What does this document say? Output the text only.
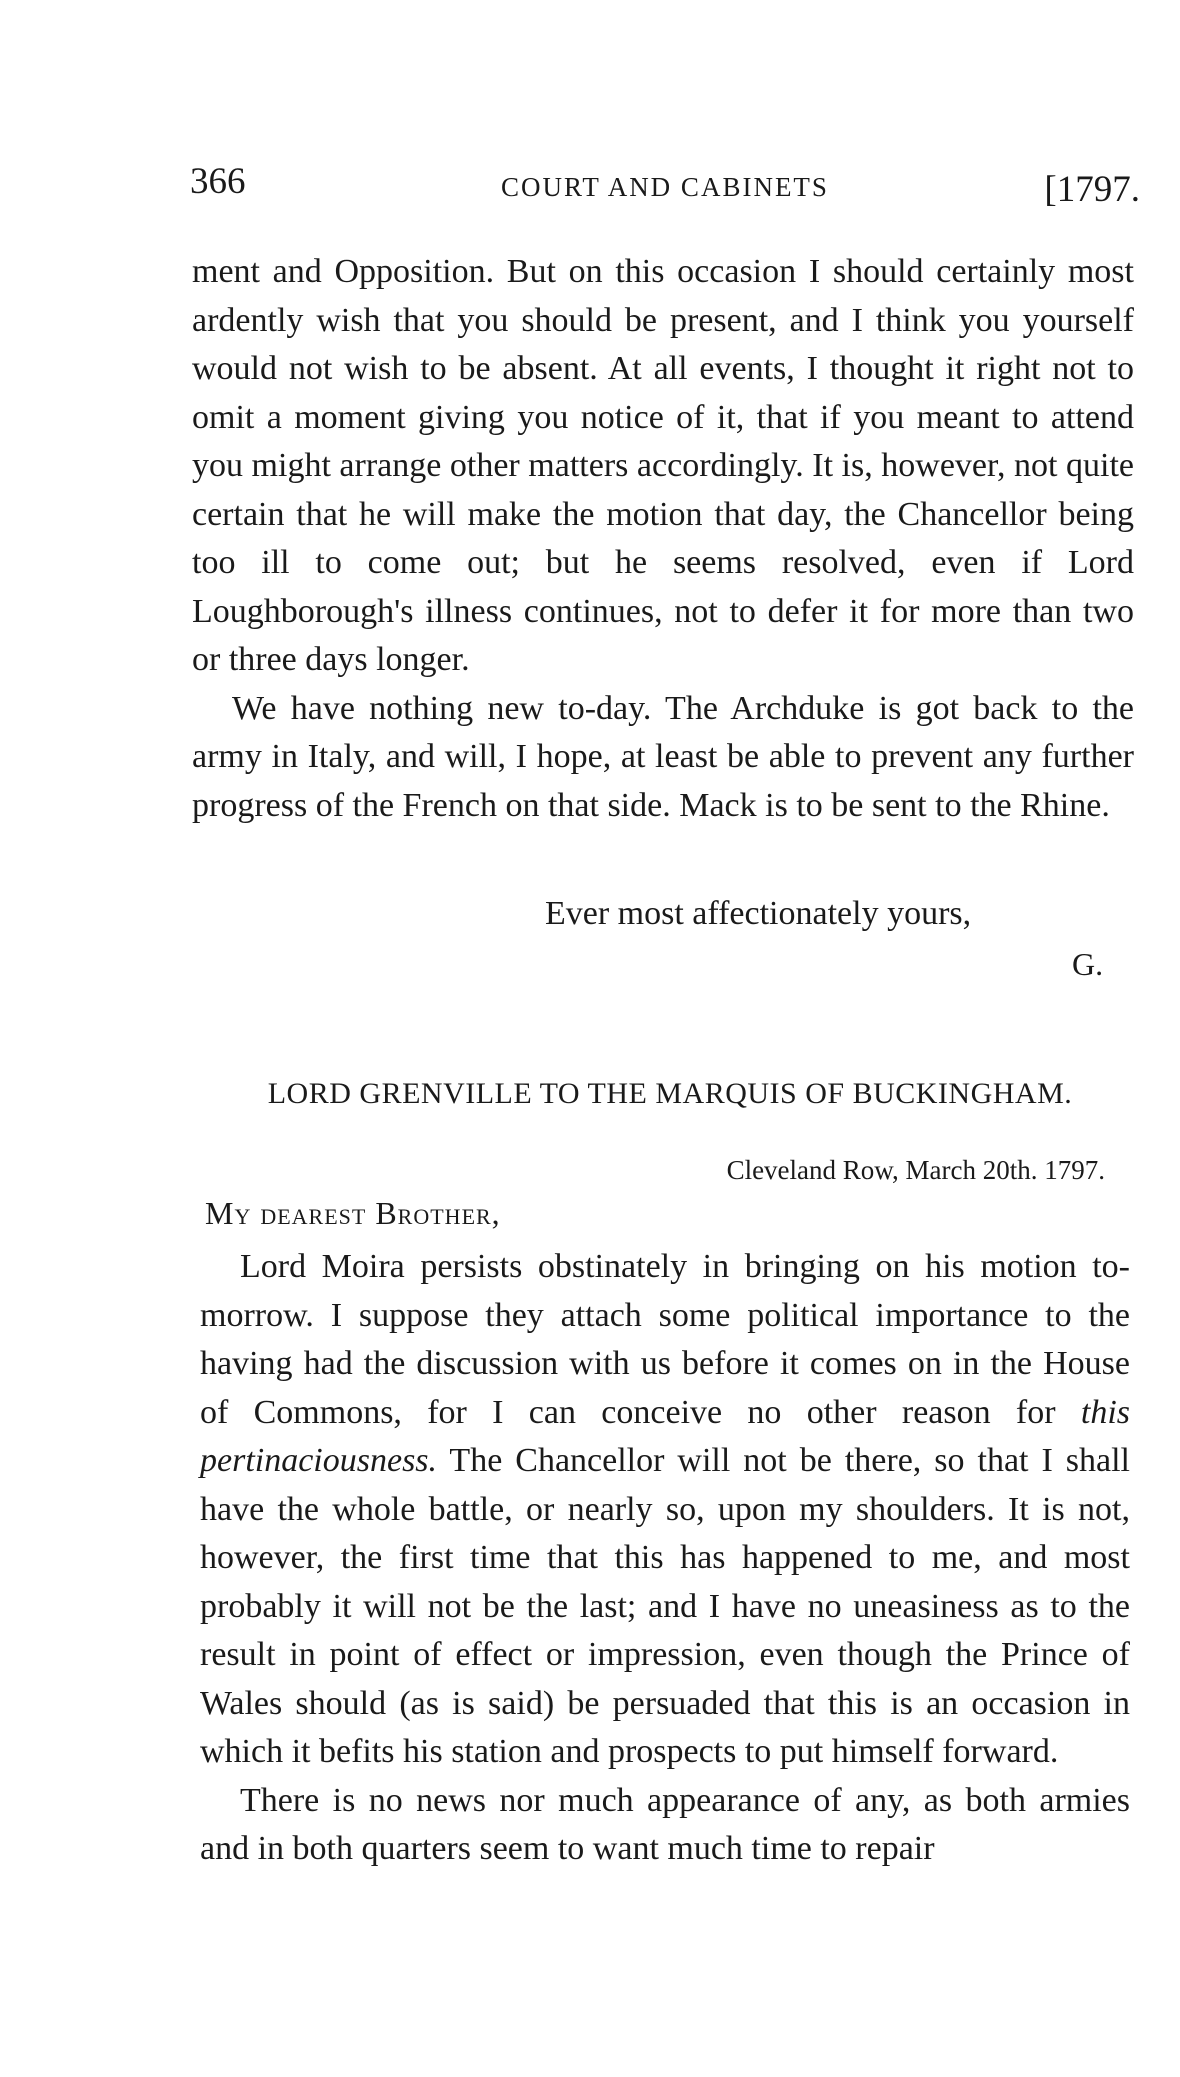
366	COURT AND CABINETS	[1797.

ment and Opposition. But on this occasion I should certainly most ardently wish that you should be present, and I think you yourself would not wish to be absent. At all events, I thought it right not to omit a moment giving you notice of it, that if you meant to attend you might arrange other matters accordingly. It is, however, not quite certain that he will make the motion that day, the Chancellor being too ill to come out; but he seems resolved, even if Lord Loughborough's illness continues, not to defer it for more than two or three days longer.

We have nothing new to-day. The Archduke is got back to the army in Italy, and will, I hope, at least be able to prevent any further progress of the French on that side. Mack is to be sent to the Rhine.

Ever most affectionately yours,
G.
LORD GRENVILLE TO THE MARQUIS OF BUCKINGHAM.
Cleveland Row, March 20th. 1797.
My dearest Brother,

Lord Moira persists obstinately in bringing on his motion to-morrow. I suppose they attach some political importance to the having had the discussion with us before it comes on in the House of Commons, for I can conceive no other reason for this pertinaciousness. The Chancellor will not be there, so that I shall have the whole battle, or nearly so, upon my shoulders. It is not, however, the first time that this has happened to me, and most probably it will not be the last; and I have no uneasiness as to the result in point of effect or impression, even though the Prince of Wales should (as is said) be persuaded that this is an occasion in which it befits his station and prospects to put himself forward.

There is no news nor much appearance of any, as both armies and in both quarters seem to want much time to repair
